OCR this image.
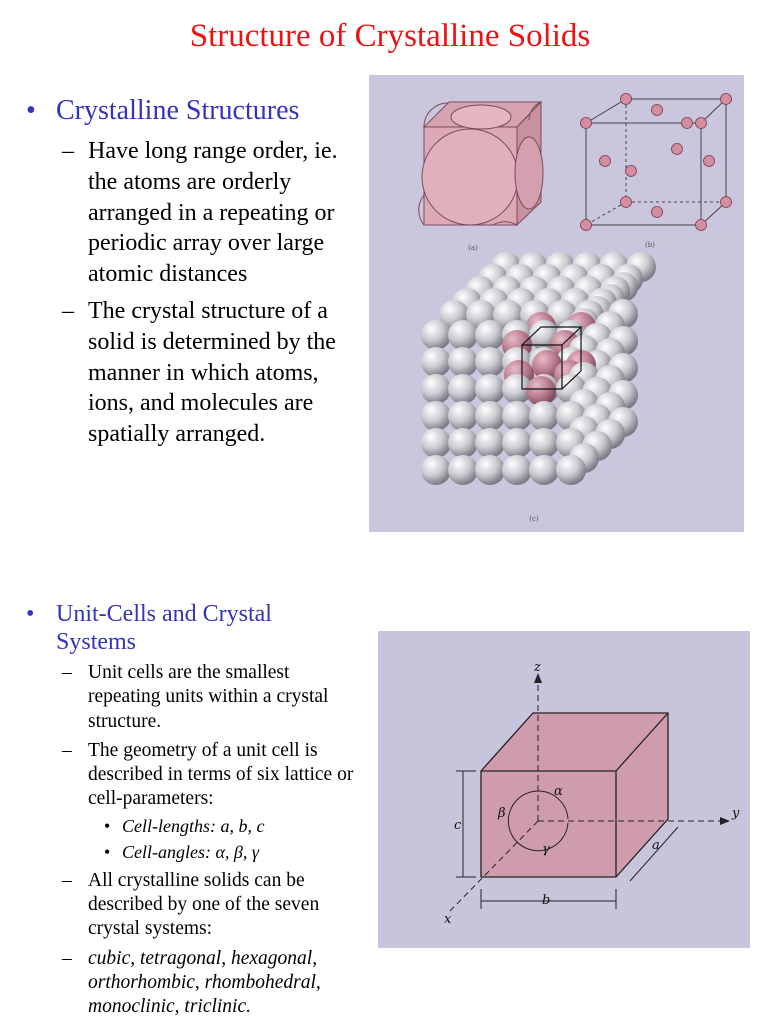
Structure of Crystalline Solids
• Crystalline Structures
– Have long range order, ie. the atoms are orderly arranged in a repeating or periodic array over large atomic distances
– The crystal structure of a solid is determined by the manner in which atoms, ions, and molecules are spatially arranged.
• Unit-Cells and Crystal Systems
– Unit cells are the smallest repeating units within a crystal structure.
– The geometry of a unit cell is described in terms of six lattice or cell-parameters:
• Cell-lengths: a, b, c
• Cell-angles: α, β, γ
– All crystalline solids can be described by one of the seven crystal systems:
– cubic, tetragonal, hexagonal, orthorhombic, rhombohedral, monoclinic, triclinic.
(a)	(b)
(c)
z
y
x
a
b
c
α
β
γ
